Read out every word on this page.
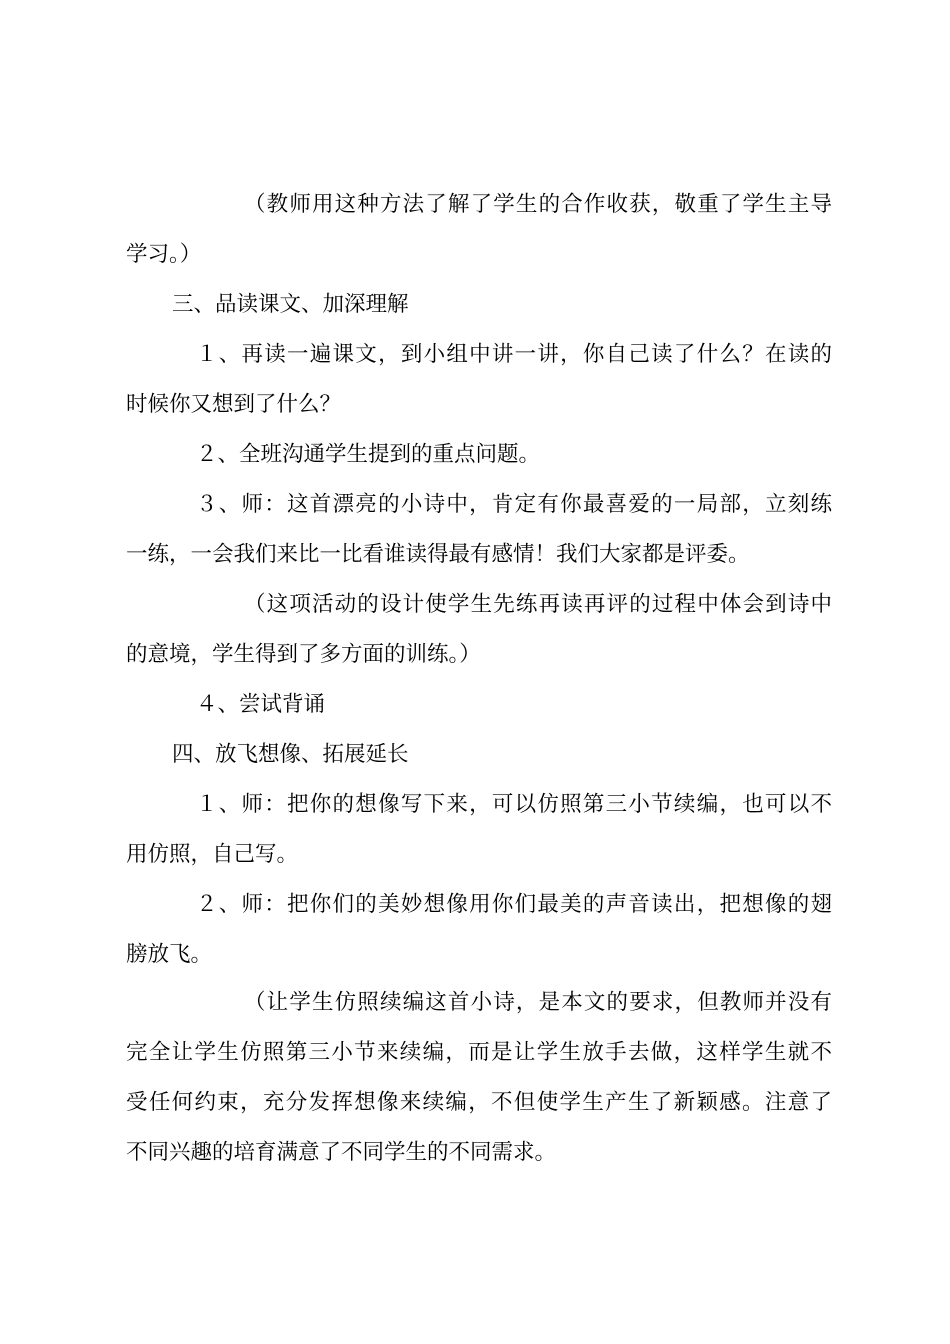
（教师用这种方法了解了学生的合作收获，敬重了学生主导
学习。）
三、品读课文、加深理解
１、再读一遍课文，到小组中讲一讲，你自己读了什么？在读的
时候你又想到了什么？
２、全班沟通学生提到的重点问题。
３、师：这首漂亮的小诗中，肯定有你最喜爱的一局部，立刻练
一练，一会我们来比一比看谁读得最有感情！我们大家都是评委。
（这项活动的设计使学生先练再读再评的过程中体会到诗中
的意境，学生得到了多方面的训练。）
４、尝试背诵
四、放飞想像、拓展延长
１、师：把你的想像写下来，可以仿照第三小节续编，也可以不
用仿照，自己写。
２、师：把你们的美妙想像用你们最美的声音读出，把想像的翅
膀放飞。
（让学生仿照续编这首小诗，是本文的要求，但教师并没有
完全让学生仿照第三小节来续编，而是让学生放手去做，这样学生就不
受任何约束，充分发挥想像来续编，不但使学生产生了新颖感。注意了
不同兴趣的培育满意了不同学生的不同需求。
